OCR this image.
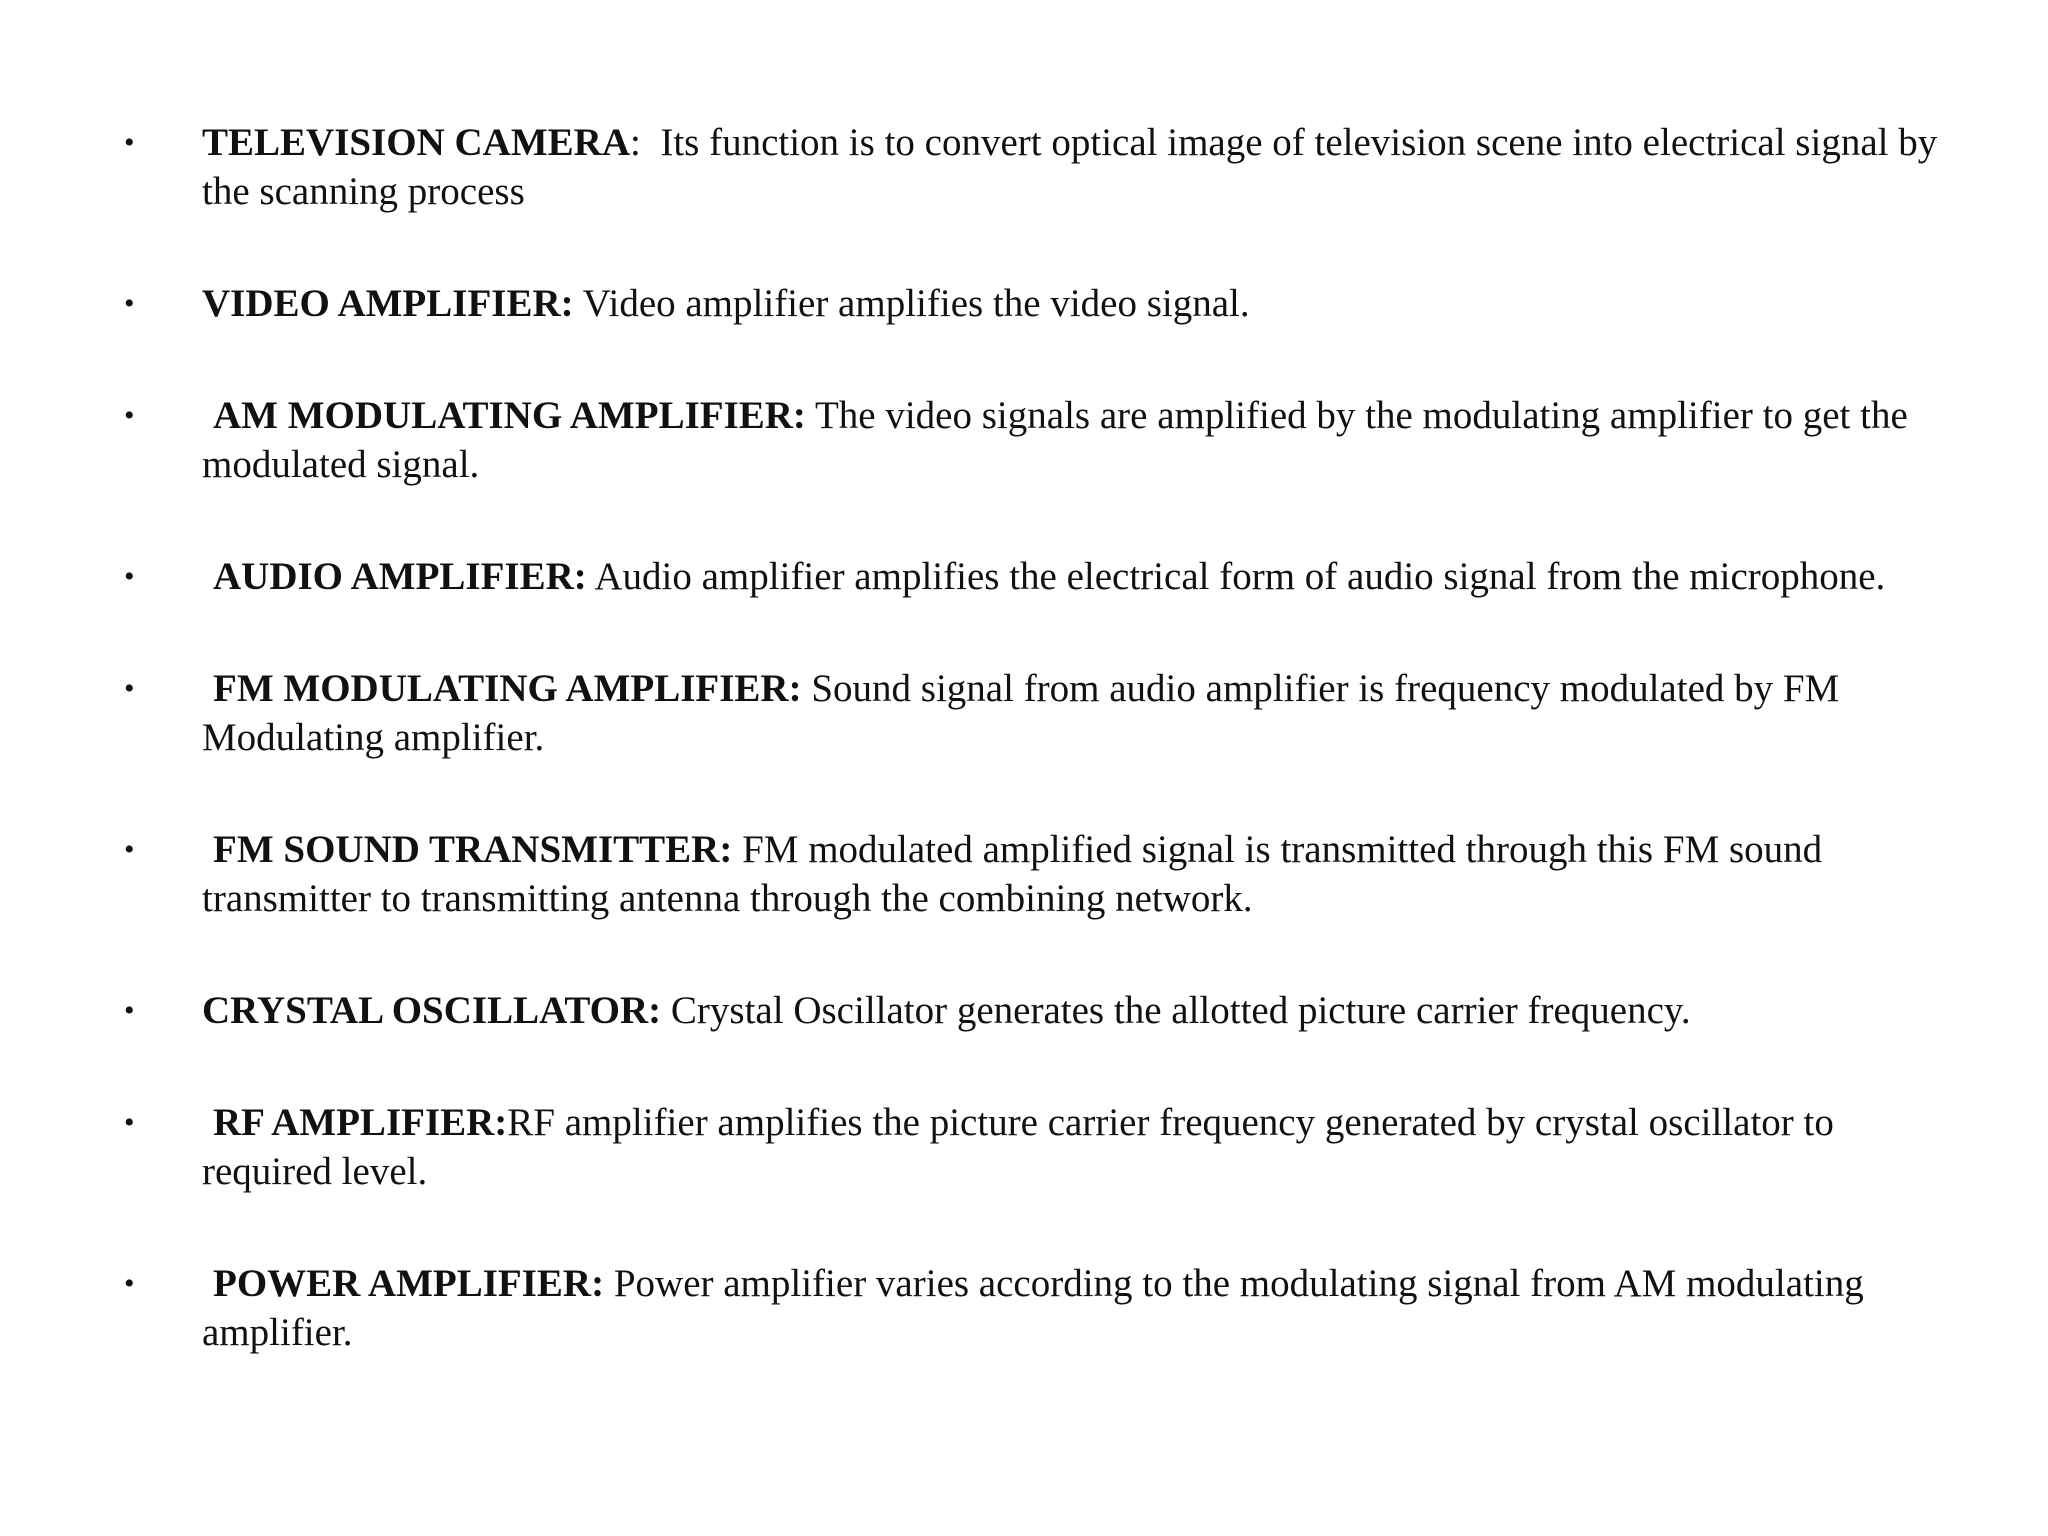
• TELEVISION CAMERA:  Its function is to convert optical image of television scene into electrical signal by the scanning process
• VIDEO AMPLIFIER: Video amplifier amplifies the video signal.
• AM MODULATING AMPLIFIER: The video signals are amplified by the modulating amplifier to get the modulated signal.
• AUDIO AMPLIFIER: Audio amplifier amplifies the electrical form of audio signal from the microphone.
• FM MODULATING AMPLIFIER: Sound signal from audio amplifier is frequency modulated by FM Modulating amplifier.
• FM SOUND TRANSMITTER: FM modulated amplified signal is transmitted through this FM sound transmitter to transmitting antenna through the combining network.
• CRYSTAL OSCILLATOR: Crystal Oscillator generates the allotted picture carrier frequency.
• RF AMPLIFIER:RF amplifier amplifies the picture carrier frequency generated by crystal oscillator to required level.
• POWER AMPLIFIER: Power amplifier varies according to the modulating signal from AM modulating amplifier.
